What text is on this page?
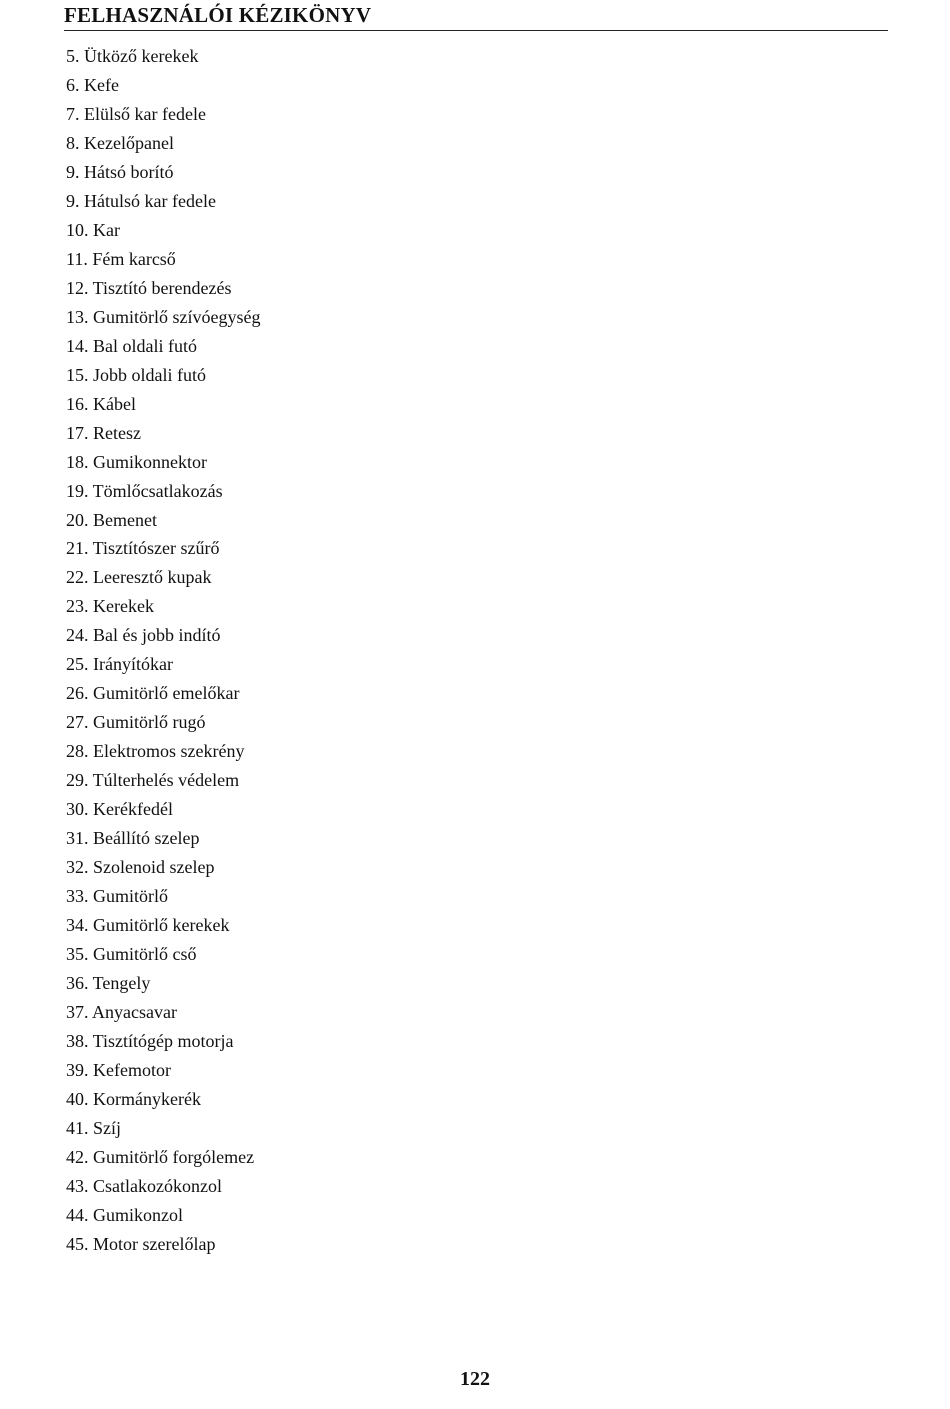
FELHASZNÁLÓI KÉZIKÖNYV
5. Ütköző kerekek
6. Kefe
7. Elülső kar fedele
8. Kezelőpanel
9. Hátsó borító
9. Hátulsó kar fedele
10. Kar
11. Fém karcső
12. Tisztító berendezés
13. Gumitörlő szívóegység
14. Bal oldali futó
15. Jobb oldali futó
16. Kábel
17. Retesz
18. Gumikonnektor
19. Tömlőcsatlakozás
20. Bemenet
21. Tisztítószer szűrő
22. Leeresztő kupak
23. Kerekek
24. Bal és jobb indító
25. Irányítókar
26. Gumitörlő emelőkar
27. Gumitörlő rugó
28. Elektromos szekrény
29. Túlterhelés védelem
30. Kerékfedél
31. Beállító szelep
32. Szolenoid szelep
33. Gumitörlő
34. Gumitörlő kerekek
35. Gumitörlő cső
36. Tengely
37. Anyacsavar
38. Tisztítógép motorja
39. Kefemotor
40. Kormánykerék
41. Szíj
42. Gumitörlő forgólemez
43. Csatlakozókonzol
44. Gumikonzol
45. Motor szerelőlap
122
